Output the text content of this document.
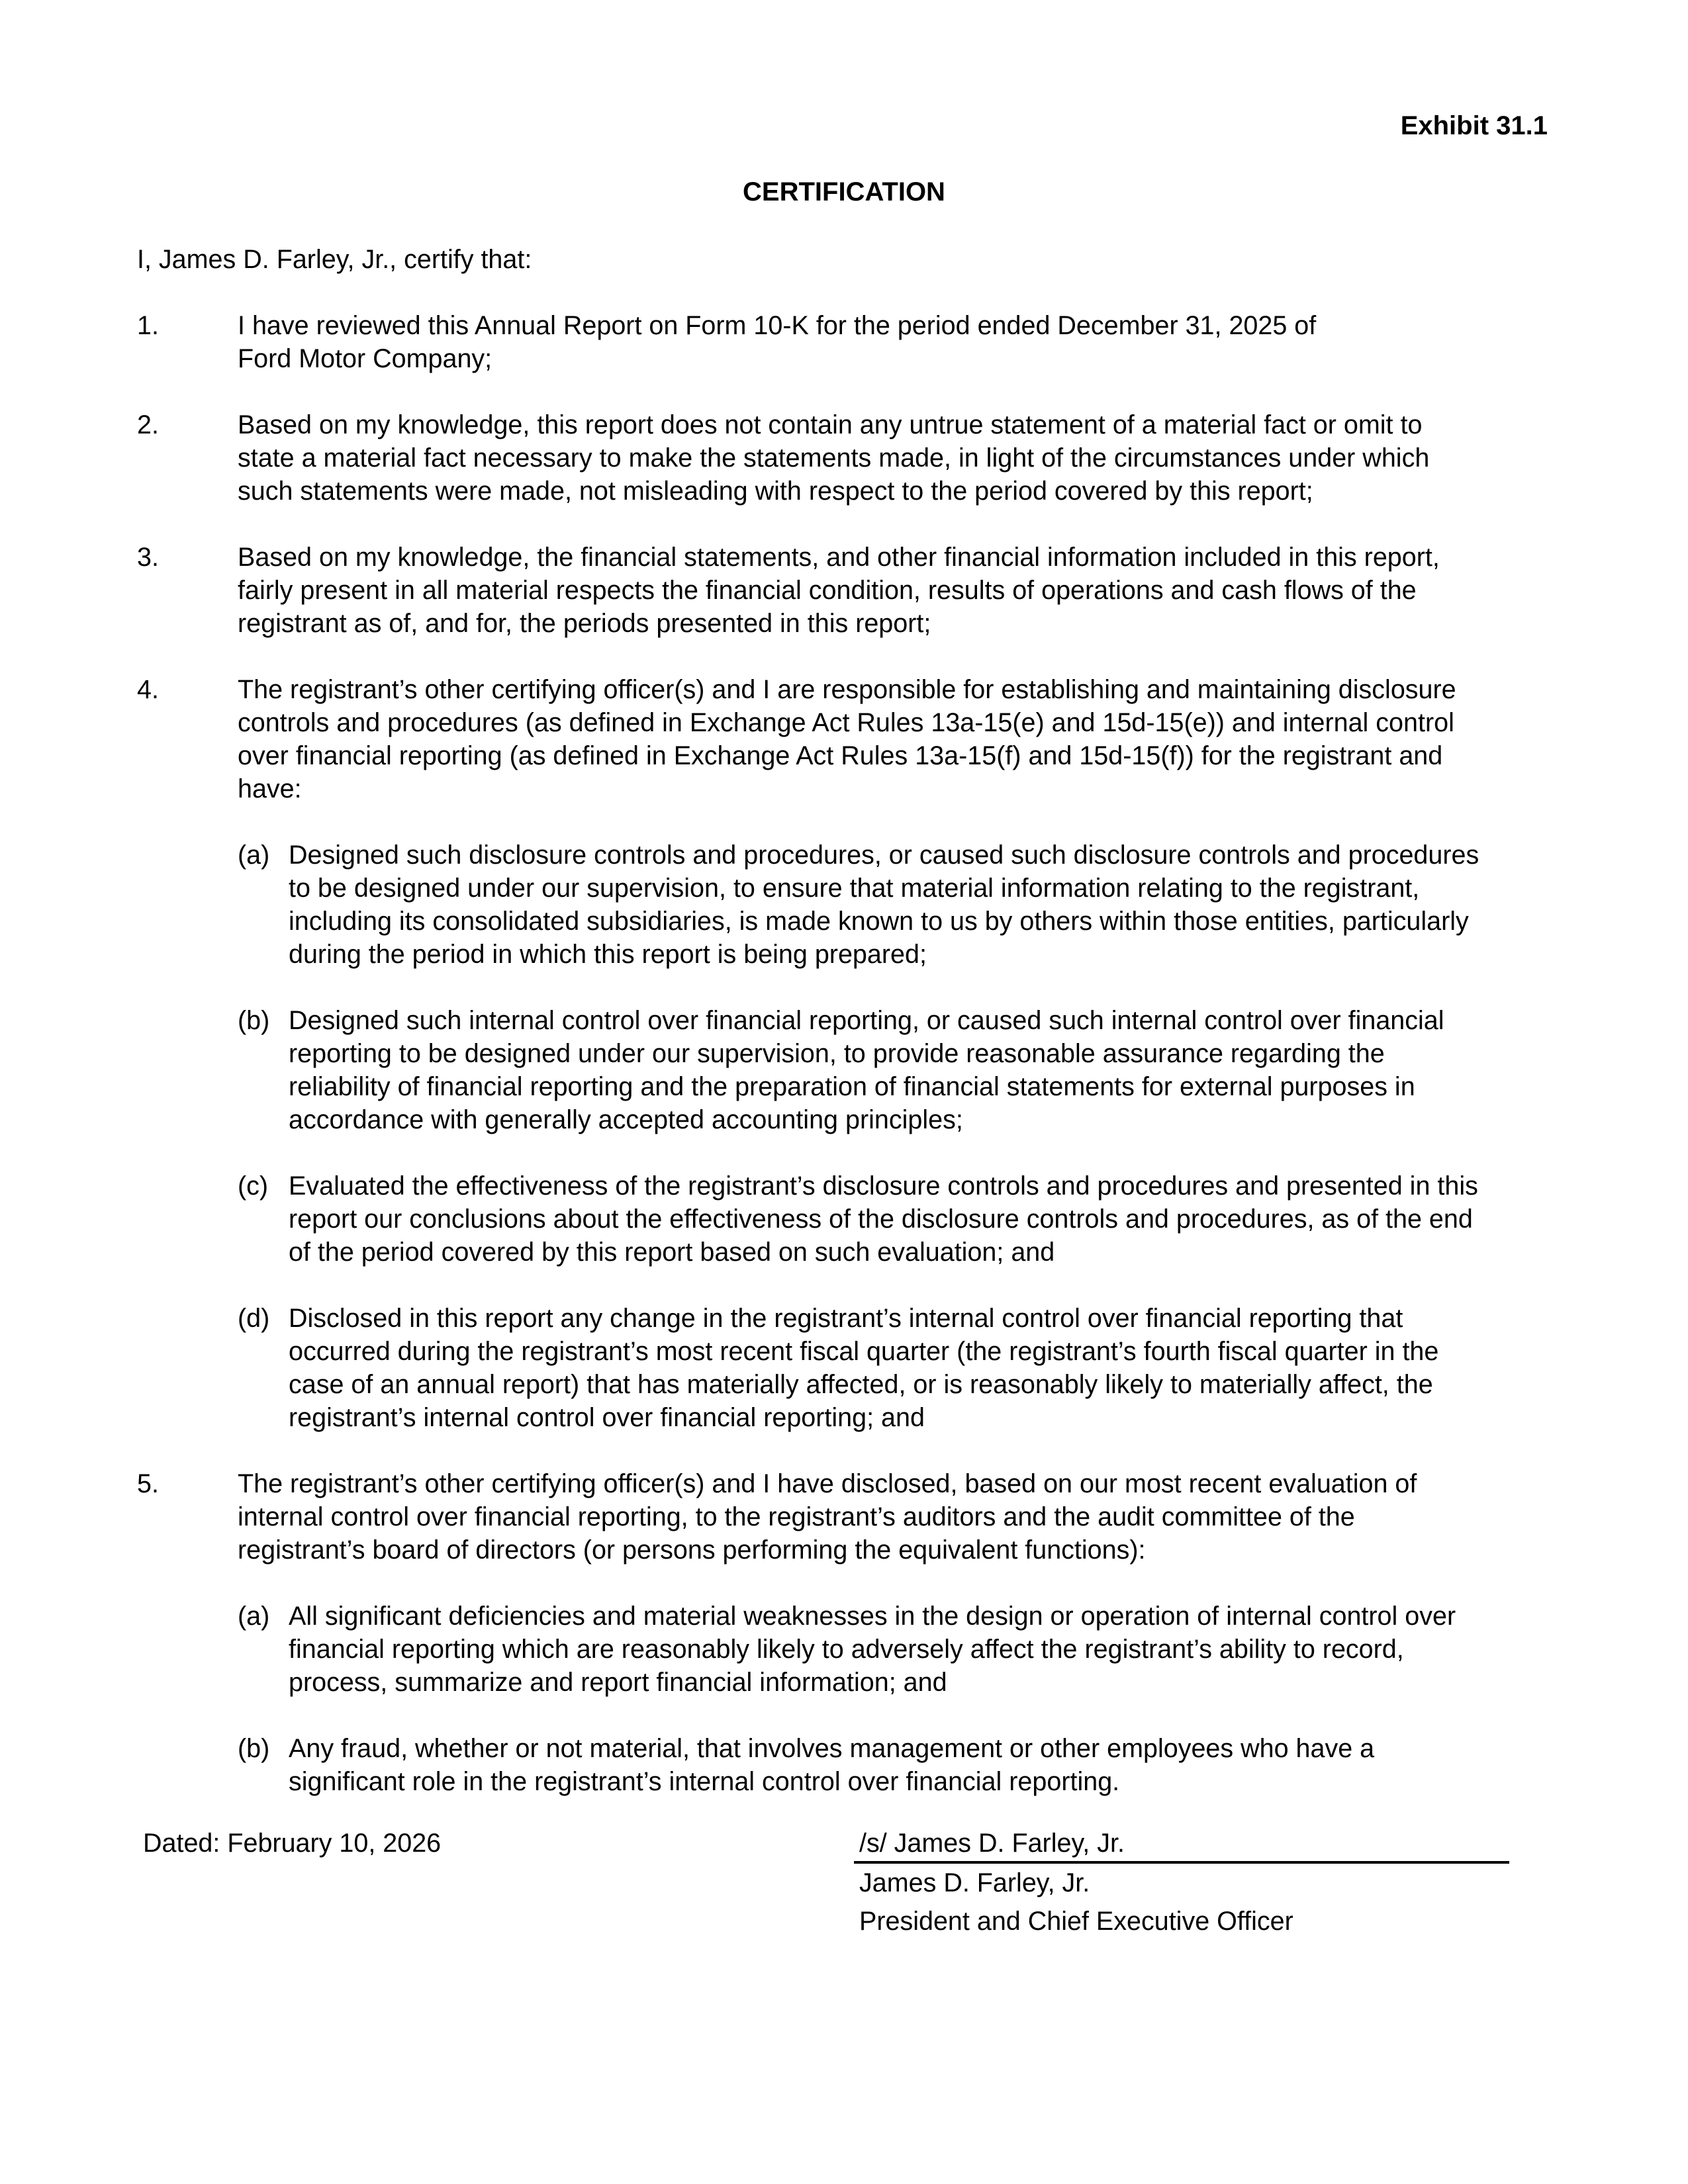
Exhibit 31.1
CERTIFICATION
I, James D. Farley, Jr., certify that:
1.	I have reviewed this Annual Report on Form 10-K for the period ended December 31, 2025 of
Ford Motor Company;
2.	Based on my knowledge, this report does not contain any untrue statement of a material fact or omit to
state a material fact necessary to make the statements made, in light of the circumstances under which
such statements were made, not misleading with respect to the period covered by this report;
3.	Based on my knowledge, the financial statements, and other financial information included in this report,
fairly present in all material respects the financial condition, results of operations and cash flows of the
registrant as of, and for, the periods presented in this report;
4.	The registrant’s other certifying officer(s) and I are responsible for establishing and maintaining disclosure
controls and procedures (as defined in Exchange Act Rules 13a-15(e) and 15d-15(e)) and internal control
over financial reporting (as defined in Exchange Act Rules 13a-15(f) and 15d-15(f)) for the registrant and
have:
(a) Designed such disclosure controls and procedures, or caused such disclosure controls and procedures
to be designed under our supervision, to ensure that material information relating to the registrant,
including its consolidated subsidiaries, is made known to us by others within those entities, particularly
during the period in which this report is being prepared;
(b) Designed such internal control over financial reporting, or caused such internal control over financial
reporting to be designed under our supervision, to provide reasonable assurance regarding the
reliability of financial reporting and the preparation of financial statements for external purposes in
accordance with generally accepted accounting principles;
(c) Evaluated the effectiveness of the registrant’s disclosure controls and procedures and presented in this
report our conclusions about the effectiveness of the disclosure controls and procedures, as of the end
of the period covered by this report based on such evaluation; and
(d) Disclosed in this report any change in the registrant’s internal control over financial reporting that
occurred during the registrant’s most recent fiscal quarter (the registrant’s fourth fiscal quarter in the
case of an annual report) that has materially affected, or is reasonably likely to materially affect, the
registrant’s internal control over financial reporting; and
5.	The registrant’s other certifying officer(s) and I have disclosed, based on our most recent evaluation of
internal control over financial reporting, to the registrant’s auditors and the audit committee of the
registrant’s board of directors (or persons performing the equivalent functions):
(a) All significant deficiencies and material weaknesses in the design or operation of internal control over
financial reporting which are reasonably likely to adversely affect the registrant’s ability to record,
process, summarize and report financial information; and
(b) Any fraud, whether or not material, that involves management or other employees who have a
significant role in the registrant’s internal control over financial reporting.
Dated: February 10, 2026	/s/ James D. Farley, Jr.
James D. Farley, Jr.
President and Chief Executive Officer
